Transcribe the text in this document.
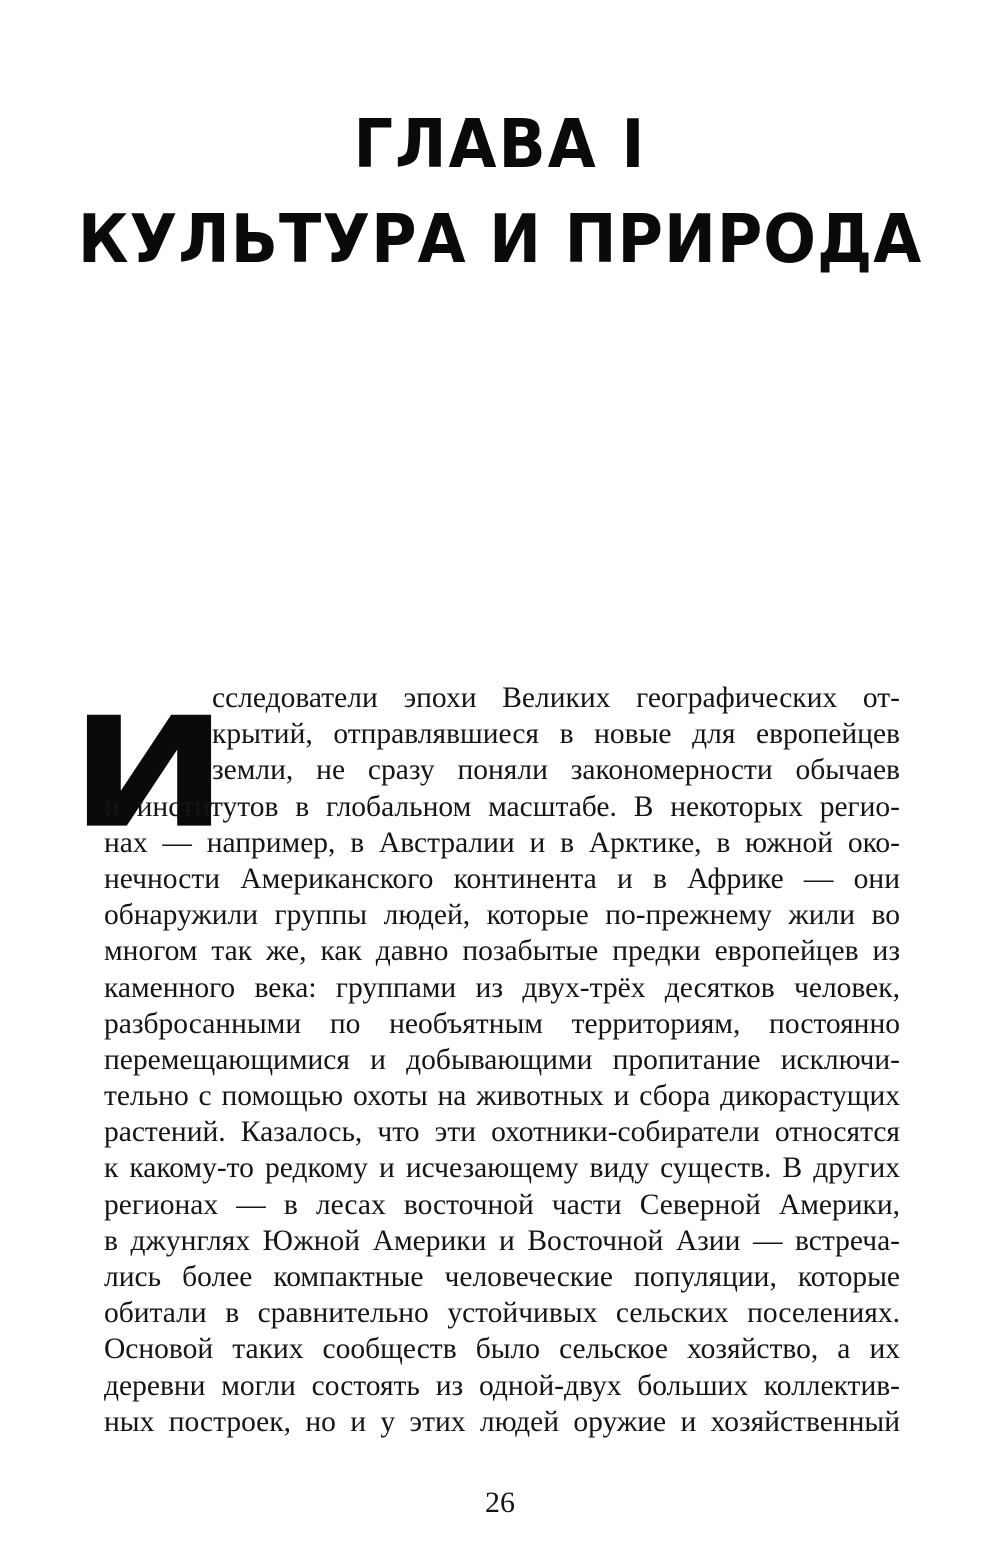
ГЛАВА I
КУЛЬТУРА И ПРИРОДА
И
сследователи эпохи Великих географических от-
крытий, отправлявшиеся в новые для европейцев
земли, не сразу поняли закономерности обычаев
и институтов в глобальном масштабе. В некоторых регио-
нах — например, в Австралии и в Арктике, в южной око-
нечности Американского континента и в Африке — они
обнаружили группы людей, которые по-прежнему жили во
многом так же, как давно позабытые предки европейцев из
каменного века: группами из двух-трёх десятков человек,
разбросанными по необъятным территориям, постоянно
перемещающимися и добывающими пропитание исключи-
тельно с помощью охоты на животных и сбора дикорастущих
растений. Казалось, что эти охотники-собиратели относятся
к какому-то редкому и исчезающему виду существ. В других
регионах — в лесах восточной части Северной Америки,
в джунглях Южной Америки и Восточной Азии — встреча-
лись более компактные человеческие популяции, которые
обитали в сравнительно устойчивых сельских поселениях.
Основой таких сообществ было сельское хозяйство, а их
деревни могли состоять из одной-двух больших коллектив-
ных построек, но и у этих людей оружие и хозяйственный
26
